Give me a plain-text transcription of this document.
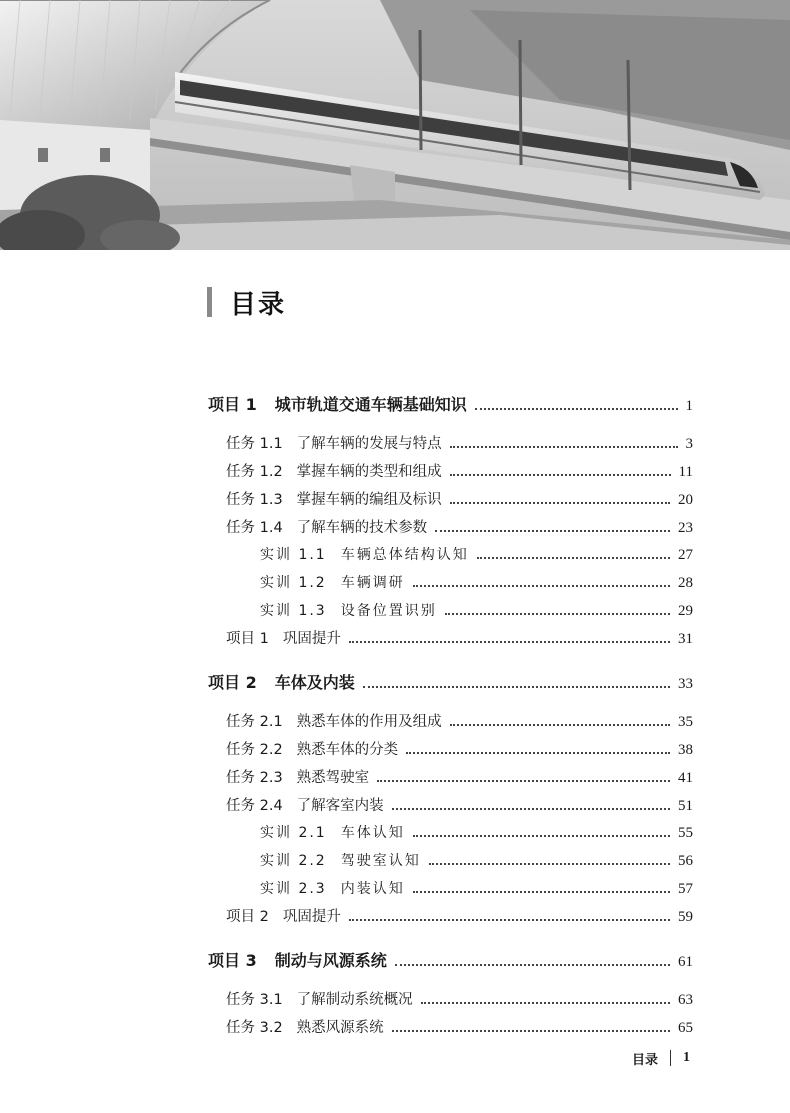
目录
项目 1 城市轨道交通车辆基础知识	1
任务 1.1 了解车辆的发展与特点	3
任务 1.2 掌握车辆的类型和组成	11
任务 1.3 掌握车辆的编组及标识	20
任务 1.4 了解车辆的技术参数	23
实训 1.1 车辆总体结构认知	27
实训 1.2 车辆调研	28
实训 1.3 设备位置识别	29
项目 1 巩固提升	31
项目 2 车体及内装	33
任务 2.1 熟悉车体的作用及组成	35
任务 2.2 熟悉车体的分类	38
任务 2.3 熟悉驾驶室	41
任务 2.4 了解客室内装	51
实训 2.1 车体认知	55
实训 2.2 驾驶室认知	56
实训 2.3 内装认知	57
项目 2 巩固提升	59
项目 3 制动与风源系统	61
任务 3.1 了解制动系统概况	63
任务 3.2 熟悉风源系统	65
目录 1
